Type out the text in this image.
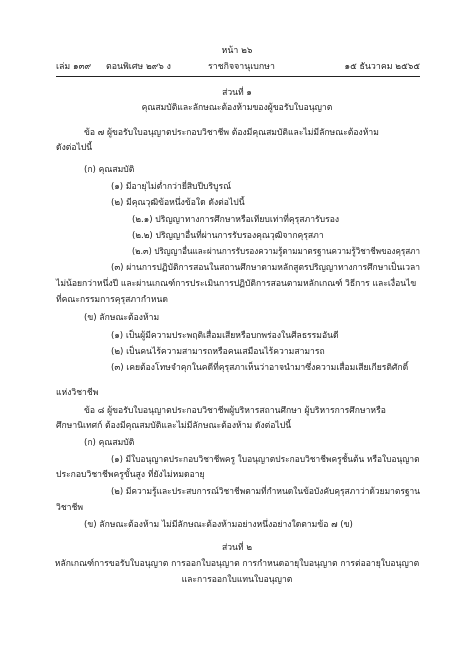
หน้า ๒๖
เล่ม ๑๓๙ ตอนพิเศษ ๒๙๖ ง	ราชกิจจานุเบกษา	๑๕ ธันวาคม ๒๕๖๕
ส่วนที่ ๑
คุณสมบัติและลักษณะต้องห้ามของผู้ขอรับใบอนุญาต
ข้อ ๗ ผู้ขอรับใบอนุญาตประกอบวิชาชีพ ต้องมีคุณสมบัติและไม่มีลักษณะต้องห้าม
ดังต่อไปนี้
(ก) คุณสมบัติ
(๑) มีอายุไม่ต่ำกว่ายี่สิบปีบริบูรณ์
(๒) มีคุณวุฒิข้อหนึ่งข้อใด ดังต่อไปนี้
(๒.๑) ปริญญาทางการศึกษาหรือเทียบเท่าที่คุรุสภารับรอง
(๒.๒) ปริญญาอื่นที่ผ่านการรับรองคุณวุฒิจากคุรุสภา
(๒.๓) ปริญญาอื่นและผ่านการรับรองความรู้ตามมาตรฐานความรู้วิชาชีพของคุรุสภา
(๓) ผ่านการปฏิบัติการสอนในสถานศึกษาตามหลักสูตรปริญญาทางการศึกษาเป็นเวลา
ไม่น้อยกว่าหนึ่งปี และผ่านเกณฑ์การประเมินการปฏิบัติการสอนตามหลักเกณฑ์ วิธีการ และเงื่อนไข
ที่คณะกรรมการคุรุสภากำหนด
(ข) ลักษณะต้องห้าม
(๑) เป็นผู้มีความประพฤติเสื่อมเสียหรือบกพร่องในศีลธรรมอันดี
(๒) เป็นคนไร้ความสามารถหรือคนเสมือนไร้ความสามารถ
(๓) เคยต้องโทษจำคุกในคดีที่คุรุสภาเห็นว่าอาจนำมาซึ่งความเสื่อมเสียเกียรติศักดิ์
แห่งวิชาชีพ
ข้อ ๘ ผู้ขอรับใบอนุญาตประกอบวิชาชีพผู้บริหารสถานศึกษา ผู้บริหารการศึกษาหรือ
ศึกษานิเทศก์ ต้องมีคุณสมบัติและไม่มีลักษณะต้องห้าม ดังต่อไปนี้
(ก) คุณสมบัติ
(๑) มีใบอนุญาตประกอบวิชาชีพครู ใบอนุญาตประกอบวิชาชีพครูชั้นต้น หรือใบอนุญาต
ประกอบวิชาชีพครูขั้นสูง ที่ยังไม่หมดอายุ
(๒) มีความรู้และประสบการณ์วิชาชีพตามที่กำหนดในข้อบังคับคุรุสภาว่าด้วยมาตรฐาน
วิชาชีพ
(ข) ลักษณะต้องห้าม ไม่มีลักษณะต้องห้ามอย่างหนึ่งอย่างใดตามข้อ ๗ (ข)
ส่วนที่ ๒
หลักเกณฑ์การขอรับใบอนุญาต การออกใบอนุญาต การกำหนดอายุใบอนุญาต การต่ออายุใบอนุญาต
และการออกใบแทนใบอนุญาต
